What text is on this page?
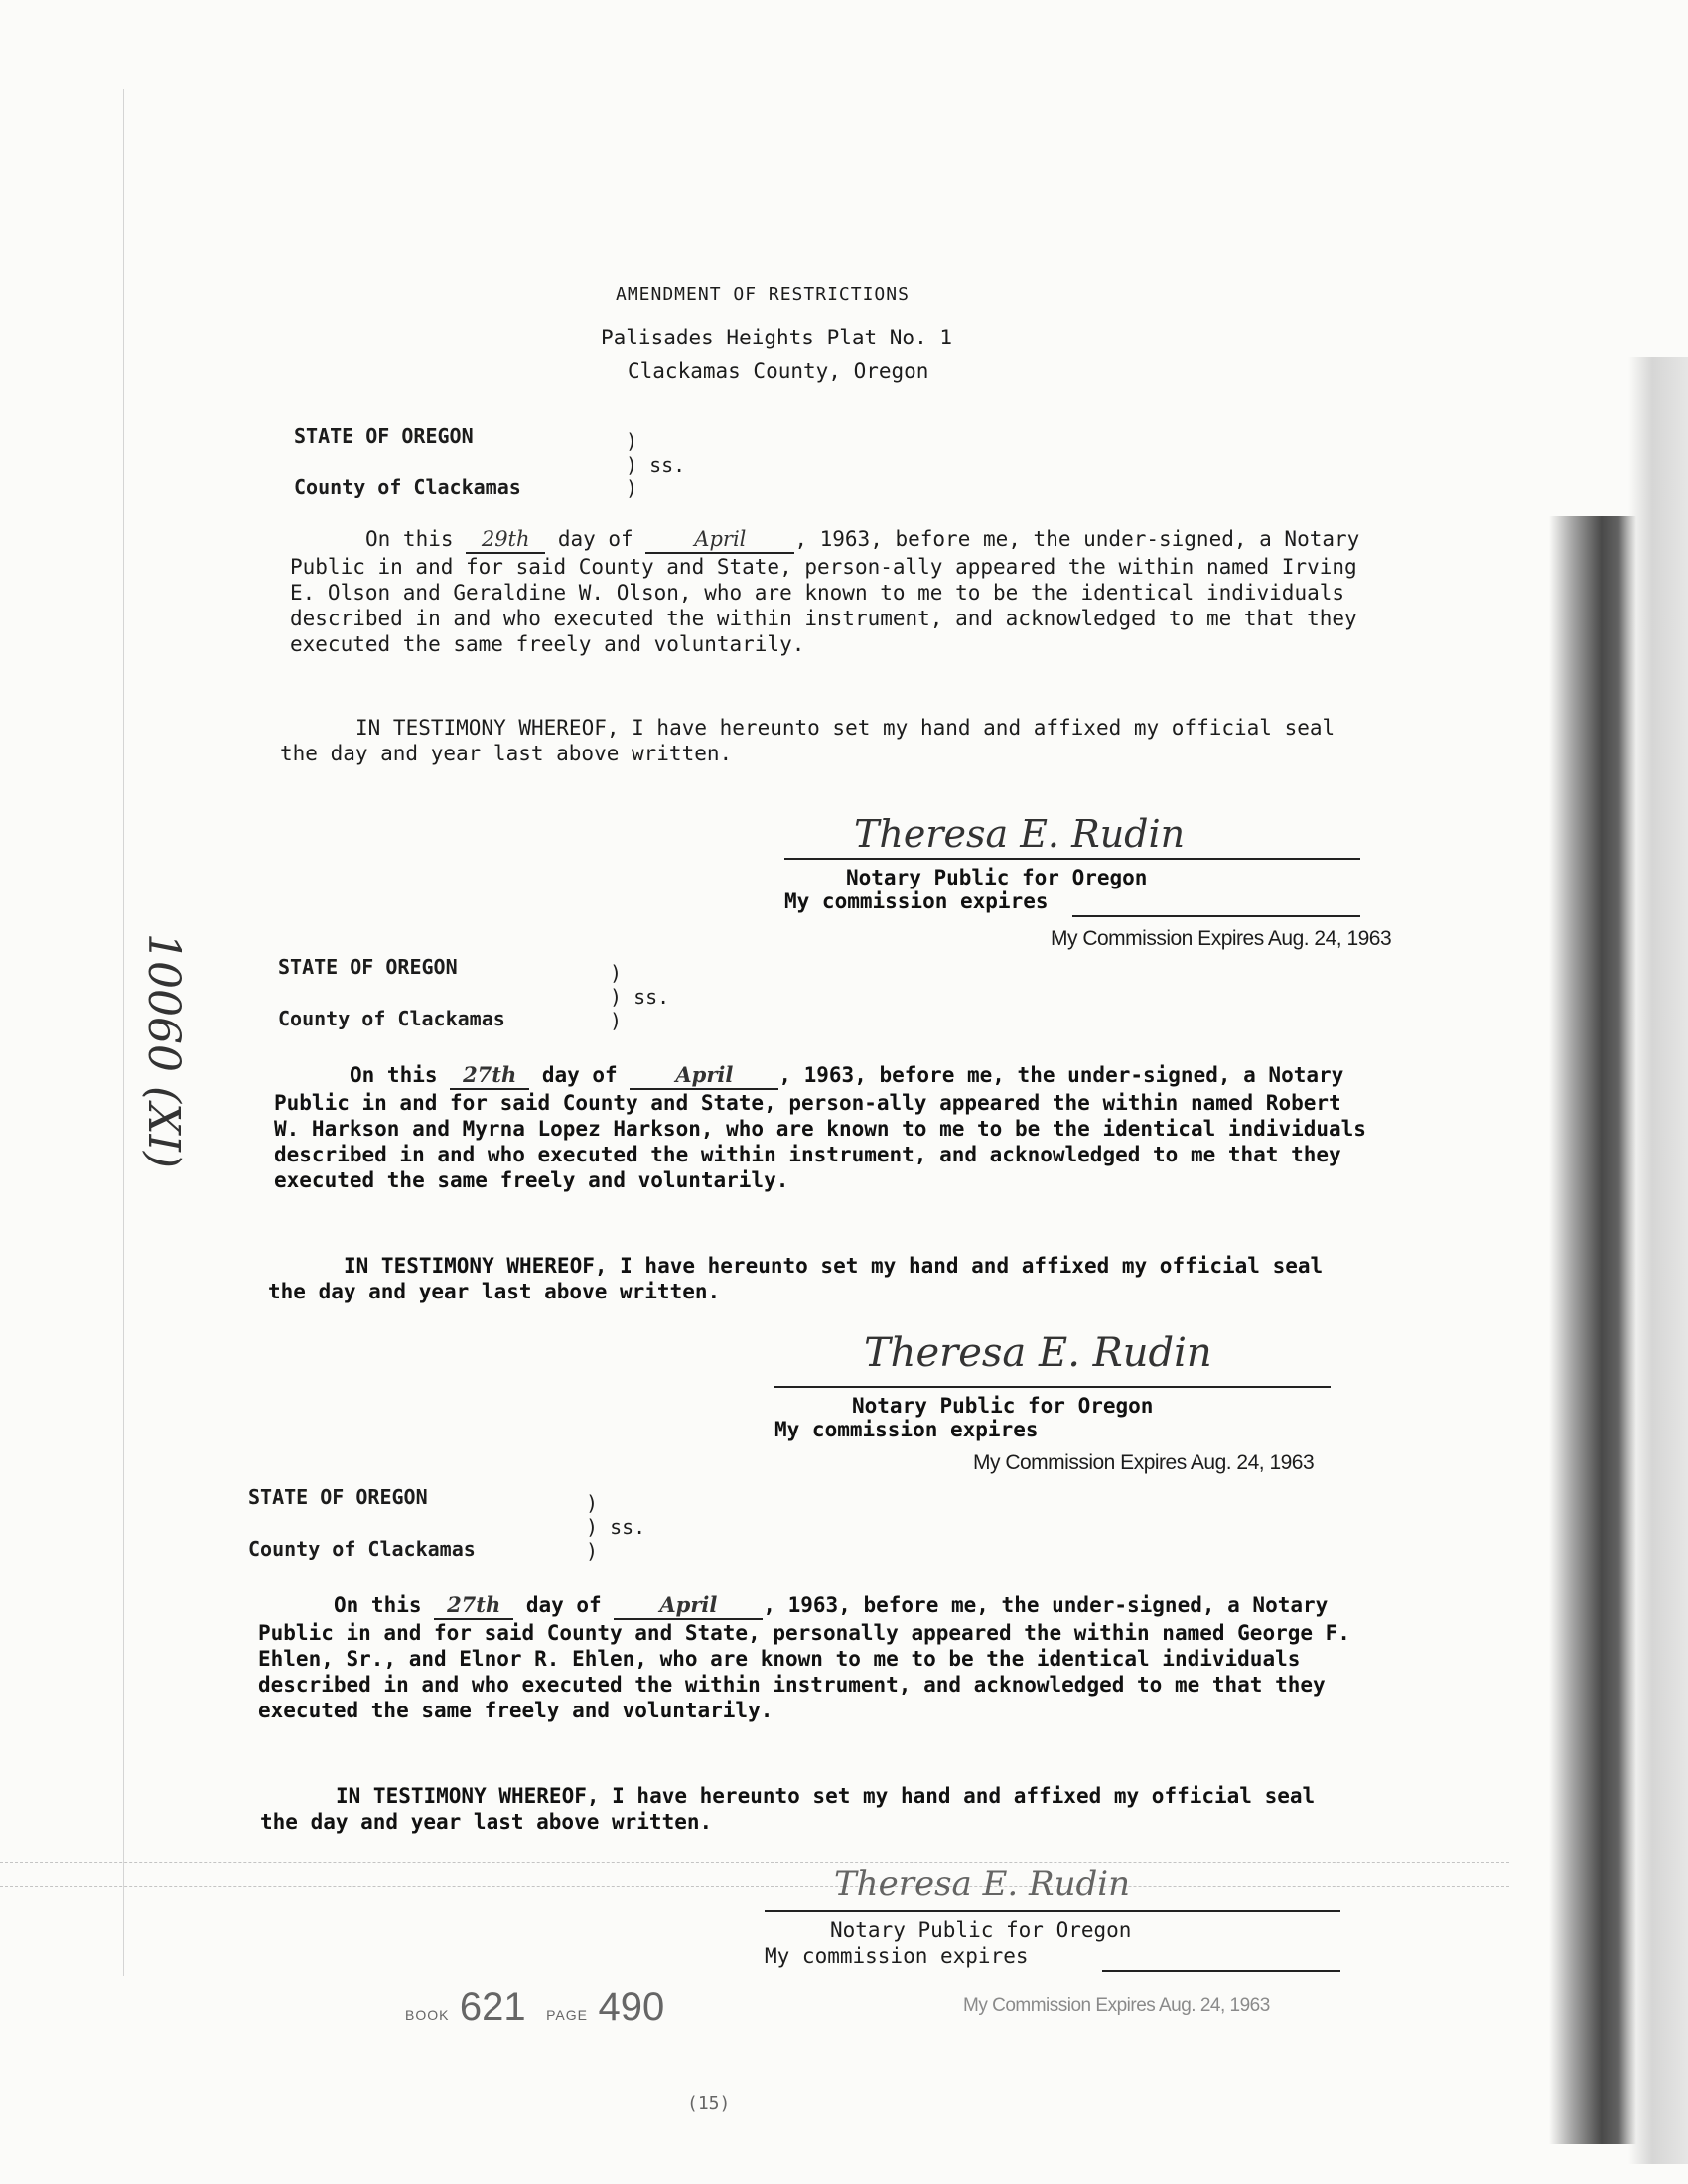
10060 (XI)
AMENDMENT OF RESTRICTIONS
Palisades Heights Plat No. 1
Clackamas County, Oregon
STATE OF OREGON
County of Clackamas
)
) ss.
)

On this 29th day of	April , 1963, before me, the under-signed, a Notary Public in and for said County and State, person-ally appeared the within named Irving E. Olson and Geraldine W. Olson, who are known to me to be the identical individuals described in and who executed the within instrument, and acknowledged to me that they executed the same freely and voluntarily.

IN TESTIMONY WHEREOF, I have hereunto set my hand and affixed my official seal the day and year last above written.

Theresa E. Rudin
Notary Public for Oregon
My commission expires
My Commission Expires Aug. 24, 1963
STATE OF OREGON
County of Clackamas
)
) ss.
)

On this 27th day of	April , 1963, before me, the under-signed, a Notary Public in and for said County and State, person-ally appeared the within named Robert W. Harkson and Myrna Lopez Harkson, who are known to me to be the identical individuals described in and who executed the within instrument, and acknowledged to me that they executed the same freely and voluntarily.

IN TESTIMONY WHEREOF, I have hereunto set my hand and affixed my official seal the day and year last above written.

Theresa E. Rudin
Notary Public for Oregon
My commission expires
My Commission Expires Aug. 24, 1963
STATE OF OREGON
County of Clackamas
)
) ss.
)

On this 27th day of	April , 1963, before me, the under-signed, a Notary Public in and for said County and State, personally appeared the within named George F. Ehlen, Sr., and Elnor R. Ehlen, who are known to me to be the identical individuals described in and who executed the within instrument, and acknowledged to me that they executed the same freely and voluntarily.

IN TESTIMONY WHEREOF, I have hereunto set my hand and affixed my official seal the day and year last above written.

Theresa E. Rudin
Notary Public for Oregon
My commission expires
My Commission Expires Aug. 24, 1963
BOOK 621 PAGE 490
(15)
